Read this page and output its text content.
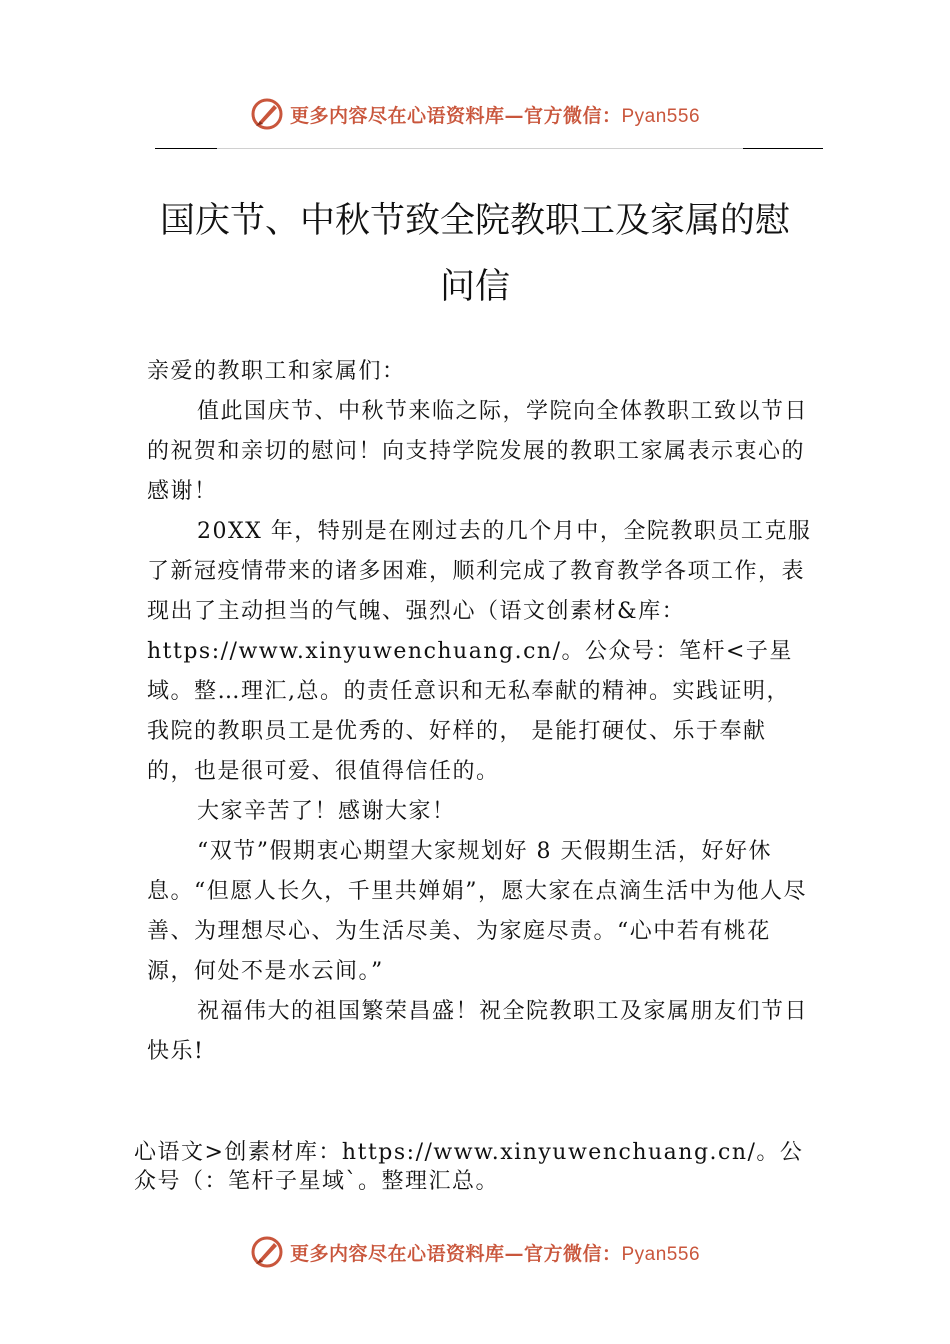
更多内容尽在心语资料库—官方微信：Pyan556
国庆节、中秋节致全院教职工及家属的慰
问信

亲爱的教职工和家属们：

值此国庆节、中秋节来临之际，学院向全体教职工致以节日的祝贺和亲切的慰问！向支持学院发展的教职工家属表示衷心的感谢！

20XX 年，特别是在刚过去的几个月中，全院教职员工克服了新冠疫情带来的诸多困难，顺利完成了教育教学各项工作，表现出了主动担当的气魄、强烈心（语文创素材&库：https://www.xinyuwenchuang.cn/。公众号：笔杆<子星域。整…理汇,总。的责任意识和无私奉献的精神。实践证明，我院的教职员工是优秀的、好样的， 是能打硬仗、乐于奉献的，也是很可爱、很值得信任的。

大家辛苦了！感谢大家！

“双节”假期衷心期望大家规划好 8 天假期生活，好好休息。“但愿人长久，千里共婵娟”，愿大家在点滴生活中为他人尽善、为理想尽心、为生活尽美、为家庭尽责。“心中若有桃花源，何处不是水云间。”

祝福伟大的祖国繁荣昌盛！祝全院教职工及家属朋友们节日快乐!

心语文>创素材库：https://www.xinyuwenchuang.cn/。公众号（：笔杆子星域`。整理汇总。
更多内容尽在心语资料库—官方微信：Pyan556
